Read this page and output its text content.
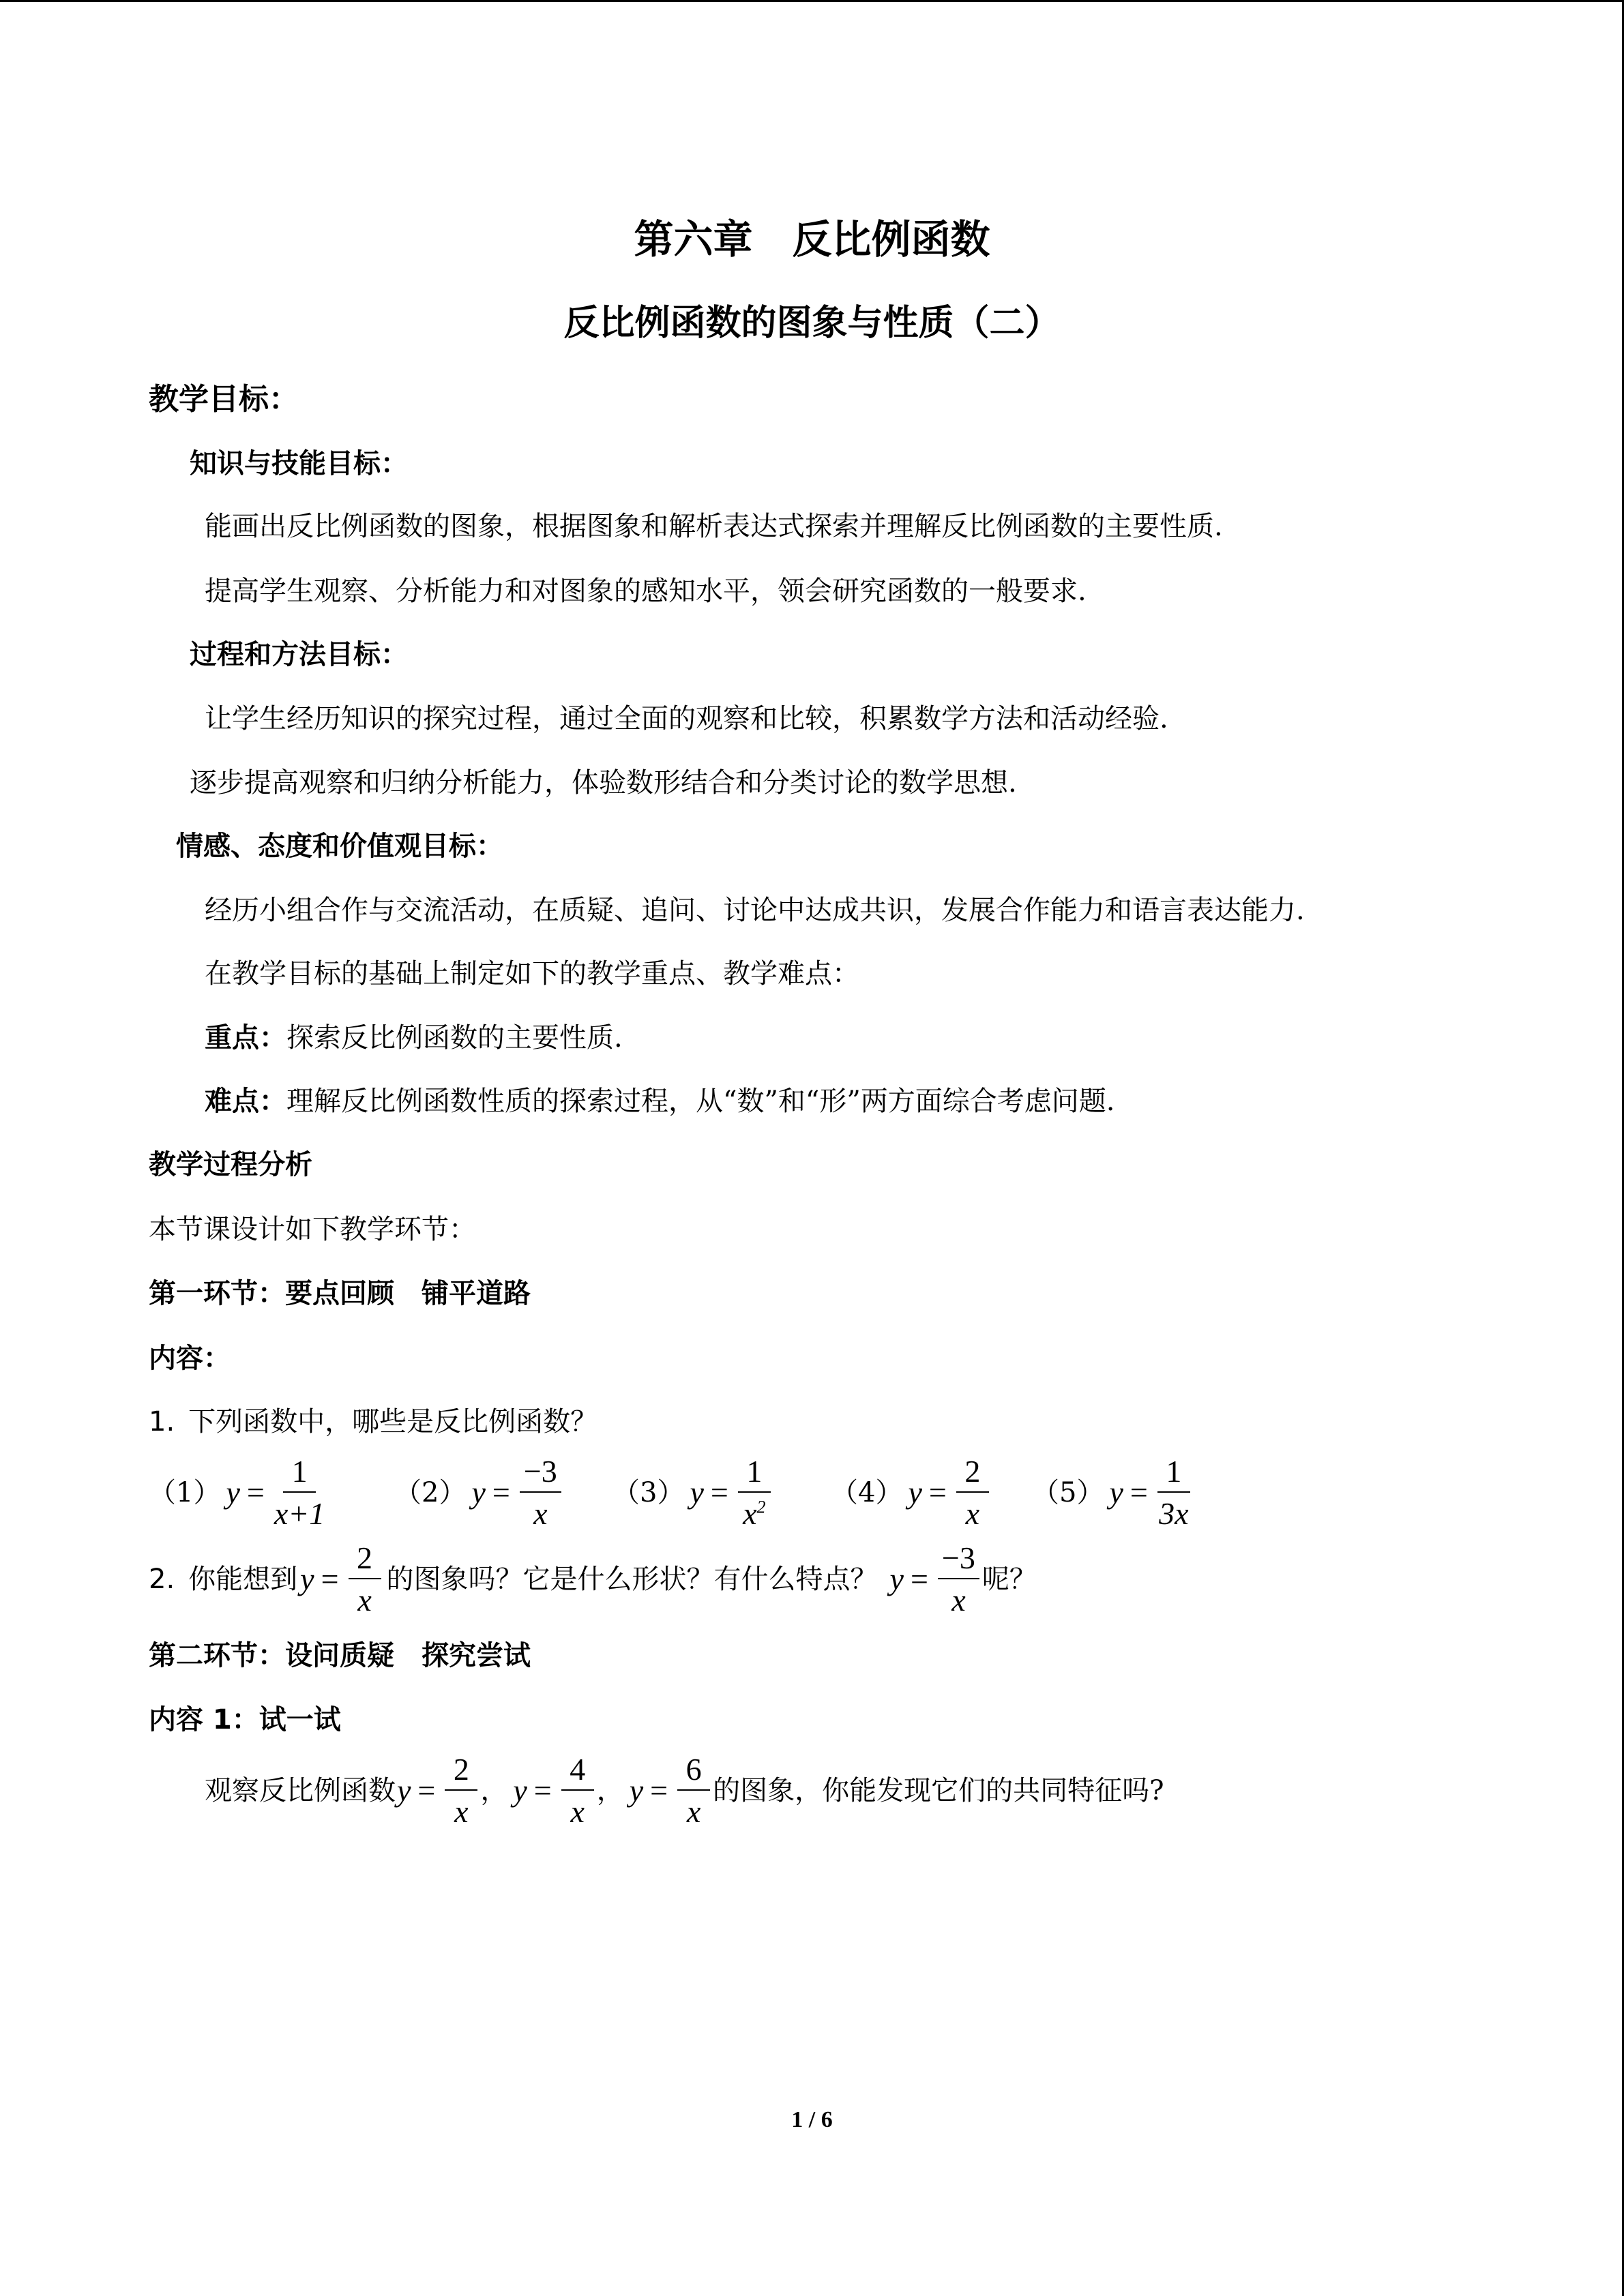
第六章　反比例函数
反比例函数的图象与性质（二）
教学目标：
知识与技能目标：
能画出反比例函数的图象，根据图象和解析表达式探索并理解反比例函数的主要性质.
提高学生观察、分析能力和对图象的感知水平，领会研究函数的一般要求.
过程和方法目标：
让学生经历知识的探究过程，通过全面的观察和比较，积累数学方法和活动经验.
逐步提高观察和归纳分析能力，体验数形结合和分类讨论的数学思想.
情感、态度和价值观目标：
经历小组合作与交流活动，在质疑、追问、讨论中达成共识，发展合作能力和语言表达能力.
在教学目标的基础上制定如下的教学重点、教学难点：
重点：探索反比例函数的主要性质.
难点：理解反比例函数性质的探索过程，从“数”和“形”两方面综合考虑问题.
教学过程分析
本节课设计如下教学环节：
第一环节：要点回顾　铺平道路
内容：
1. 下列函数中，哪些是反比例函数？
（1） $y = \frac{1}{x+1}$	（2） $y = \frac{-3}{x} (3) y = \frac{1}{x^2} (4) y = \frac{2}{x} (5) y = \frac{1}{3x}$
2. 你能想到 $y = \frac{2}{x}$ 的图象吗？它是什么形状？有什么特点？ $y = \frac{-3}{x}$ 呢？
第二环节：设问质疑　探究尝试
内容 1：试一试
观察反比例函数 $y = \frac{2}{x}$ ， $y = \frac{4}{x}$ ， $y = \frac{6}{x}$ 的图象，你能发现它们的共同特征吗?
1 / 6
